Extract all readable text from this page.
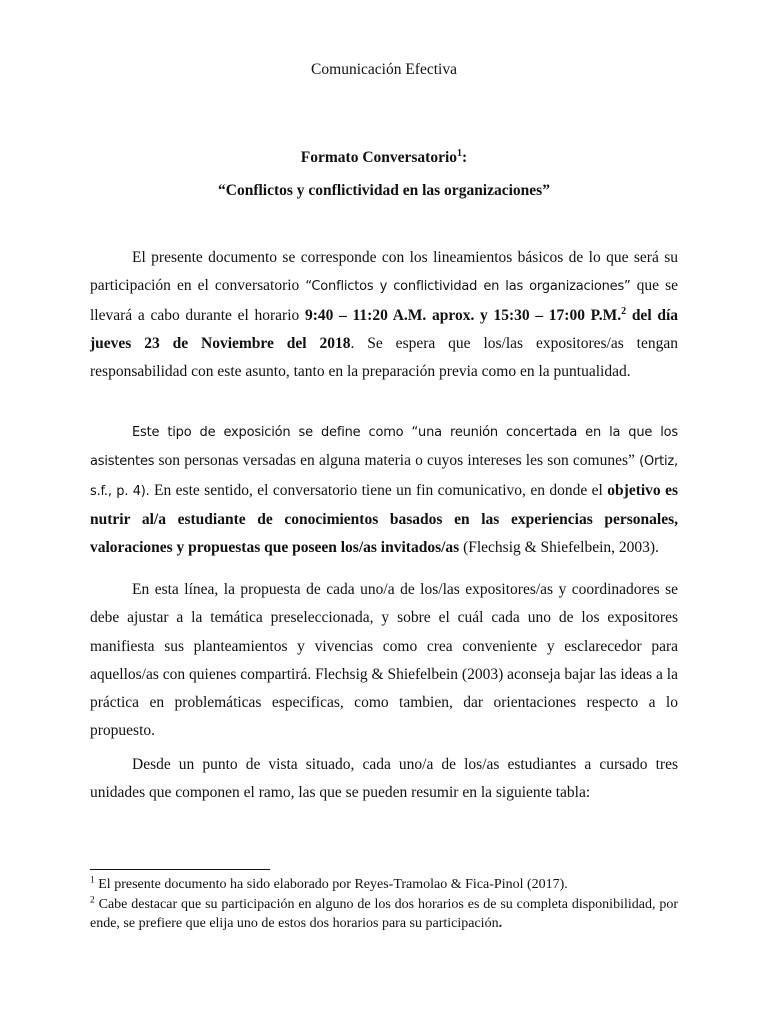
Comunicación Efectiva
Formato Conversatorio$^1$:
“Conflictos y conflictividad en las organizaciones”

El presente documento se corresponde con los lineamientos básicos de lo que será su participación en el conversatorio “Conflictos y conflictividad en las organizaciones” que se llevará a cabo durante el horario 9:40 – 11:20 A.M. aprox. y 15:30 – 17:00 P.M.$^2$ del día jueves 23 de Noviembre del 2018. Se espera que los/las expositores/as tengan responsabilidad con este asunto, tanto en la preparación previa como en la puntualidad.

Este tipo de exposición se define como “una reunión concertada en la que los asistentes son personas versadas en alguna materia o cuyos intereses les son comunes” (Ortiz, s.f., p. 4). En este sentido, el conversatorio tiene un fin comunicativo, en donde el objetivo es nutrir al/a estudiante de conocimientos basados en las experiencias personales, valoraciones y propuestas que poseen los/as invitados/as (Flechsig & Shiefelbein, 2003).

En esta línea, la propuesta de cada uno/a de los/las expositores/as y coordinadores se debe ajustar a la temática preseleccionada, y sobre el cuál cada uno de los expositores manifiesta sus planteamientos y vivencias como crea conveniente y esclarecedor para aquellos/as con quienes compartirá. Flechsig & Shiefelbein (2003) aconseja bajar las ideas a la práctica en problemáticas especificas, como tambien, dar orientaciones respecto a lo propuesto.

Desde un punto de vista situado, cada uno/a de los/as estudiantes a cursado tres unidades que componen el ramo, las que se pueden resumir en la siguiente tabla:

$^1$ El presente documento ha sido elaborado por Reyes-Tramolao & Fica-Pinol (2017).

$^2$ Cabe destacar que su participación en alguno de los dos horarios es de su completa disponibilidad, por ende, se prefiere que elija uno de estos dos horarios para su participación.
